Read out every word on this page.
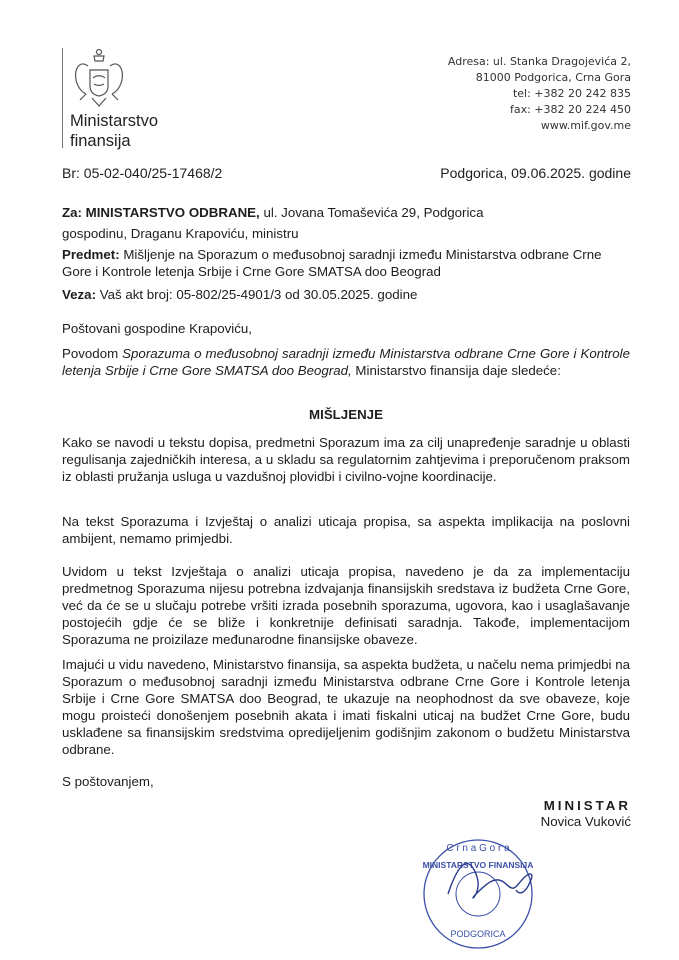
Ministarstvo
finansija
Adresa: ul. Stanka Dragojevića 2,
81000 Podgorica, Crna Gora
tel: +382 20 242 835
fax: +382 20 224 450
www.mif.gov.me
Br: 05-02-040/25-17468/2	Podgorica, 09.06.2025. godine
Za: MINISTARSTVO ODBRANE, ul. Jovana Tomaševića 29, Podgorica
gospodinu, Draganu Krapoviću, ministru
Predmet: Mišljenje na Sporazum o međusobnoj saradnji između Ministarstva odbrane Crne Gore i Kontrole letenja Srbije i Crne Gore SMATSA doo Beograd
Veza: Vaš akt broj: 05-802/25-4901/3 od 30.05.2025. godine
Poštovani gospodine Krapoviću,
Povodom Sporazuma o međusobnoj saradnji između Ministarstva odbrane Crne Gore i Kontrole letenja Srbije i Crne Gore SMATSA doo Beograd, Ministarstvo finansija daje sledeće:
MIŠLJENJE
Kako se navodi u tekstu dopisa, predmetni Sporazum ima za cilj unapređenje saradnje u oblasti regulisanja zajedničkih interesa, a u skladu sa regulatornim zahtjevima i preporučenom praksom iz oblasti pružanja usluga u vazdušnoj plovidbi i civilno-vojne koordinacije.
Na tekst Sporazuma i Izvještaj o analizi uticaja propisa, sa aspekta implikacija na poslovni ambijent, nemamo primjedbi.
Uvidom u tekst Izvještaja o analizi uticaja propisa, navedeno je da za implementaciju predmetnog Sporazuma nijesu potrebna izdvajanja finansijskih sredstava iz budžeta Crne Gore, već da će se u slučaju potrebe vršiti izrada posebnih sporazuma, ugovora, kao i usaglašavanje postojećih gdje će se bliže i konkretnije definisati saradnja. Takođe, implementacijom Sporazuma ne proizilaze međunarodne finansijske obaveze.
Imajući u vidu navedeno, Ministarstvo finansija, sa aspekta budžeta, u načelu nema primjedbi na Sporazum o međusobnoj saradnji između Ministarstva odbrane Crne Gore i Kontrole letenja Srbije i Crne Gore SMATSA doo Beograd, te ukazuje na neophodnost da sve obaveze, koje mogu proisteći donošenjem posebnih akata i imati fiskalni uticaj na budžet Crne Gore, budu usklađene sa finansijskim sredstvima opredijeljenim godišnjim zakonom o budžetu Ministarstva odbrane.
S poštovanjem,
MINISTAR
Novica Vuković
C r n a G o r a
MINISTARSTVO FINANSIJA
PODGORICA
